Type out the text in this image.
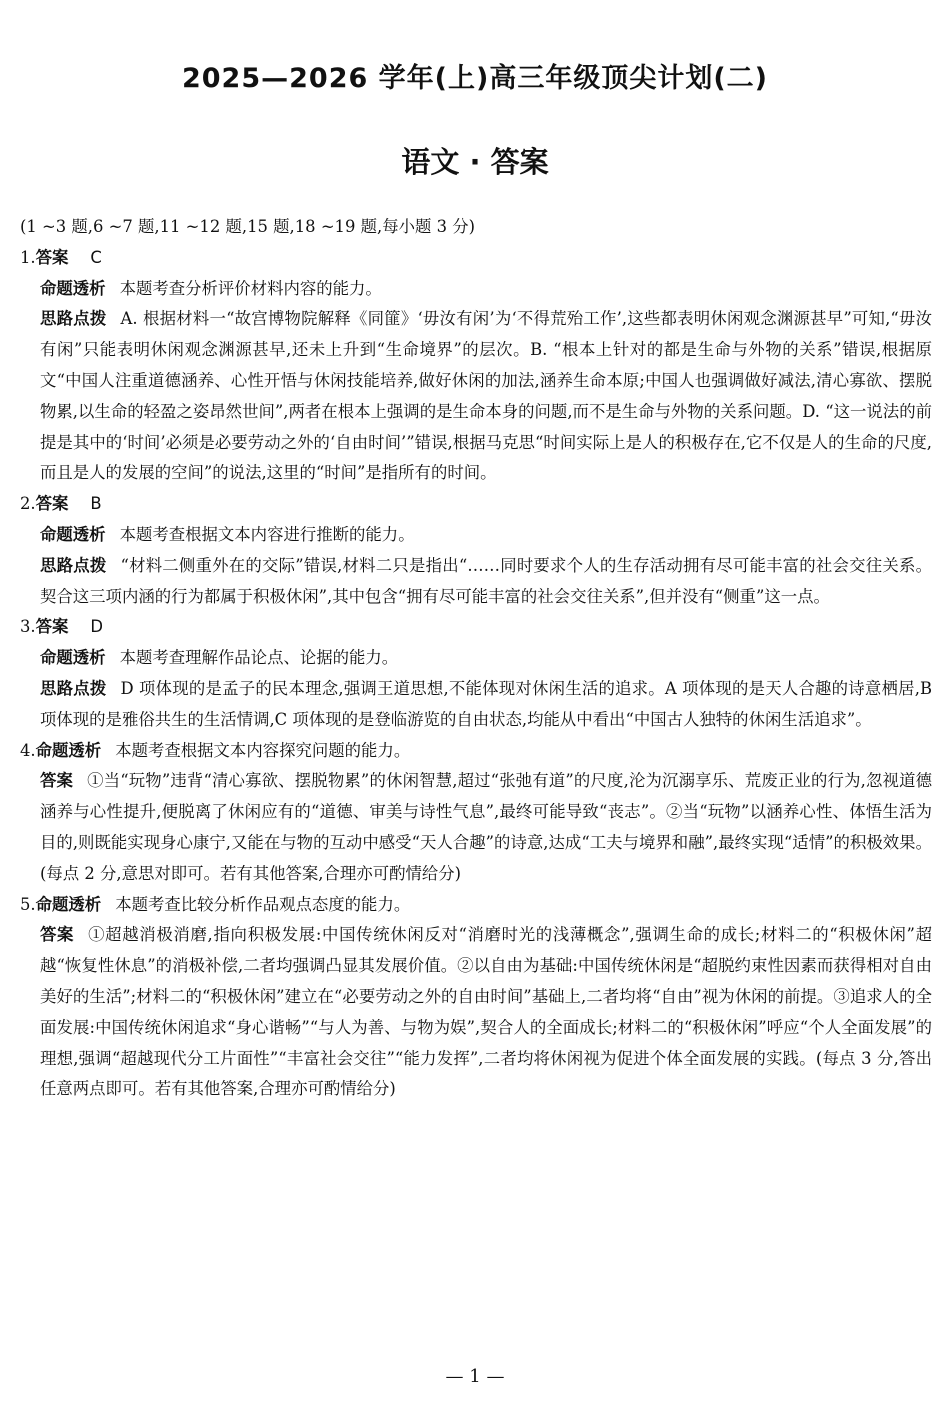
2025—2026 学年(上)高三年级顶尖计划(二)
语文 · 答案

(1 ~3 题,6 ~7 题,11 ~12 题,15 题,18 ~19 题,每小题 3 分)

1.答案 C

命题透析 本题考查分析评价材料内容的能力。

思路点拨 A. 根据材料一“故宫博物院解释《同篚》‘毋汝有闲’为‘不得荒殆工作’,这些都表明休闲观念渊源甚早”可知,“毋汝有闲”只能表明休闲观念渊源甚早,还未上升到“生命境界”的层次。B. “根本上针对的都是生命与外物的关系”错误,根据原文“中国人注重道德涵养、心性开悟与休闲技能培养,做好休闲的加法,涵养生命本原;中国人也强调做好减法,清心寡欲、摆脱物累,以生命的轻盈之姿昂然世间”,两者在根本上强调的是生命本身的问题,而不是生命与外物的关系问题。D. “这一说法的前提是其中的‘时间’必须是必要劳动之外的‘自由时间’”错误,根据马克思“时间实际上是人的积极存在,它不仅是人的生命的尺度,而且是人的发展的空间”的说法,这里的“时间”是指所有的时间。

2.答案 B

命题透析 本题考查根据文本内容进行推断的能力。

思路点拨 “材料二侧重外在的交际”错误,材料二只是指出“……同时要求个人的生存活动拥有尽可能丰富的社会交往关系。契合这三项内涵的行为都属于积极休闲”,其中包含“拥有尽可能丰富的社会交往关系”,但并没有“侧重”这一点。

3.答案 D

命题透析 本题考查理解作品论点、论据的能力。

思路点拨 D 项体现的是孟子的民本理念,强调王道思想,不能体现对休闲生活的追求。A 项体现的是天人合趣的诗意栖居,B 项体现的是雅俗共生的生活情调,C 项体现的是登临游览的自由状态,均能从中看出“中国古人独特的休闲生活追求”。

4.命题透析 本题考查根据文本内容探究问题的能力。

答案 ①当“玩物”违背“清心寡欲、摆脱物累”的休闲智慧,超过“张弛有道”的尺度,沦为沉溺享乐、荒废正业的行为,忽视道德涵养与心性提升,便脱离了休闲应有的“道德、审美与诗性气息”,最终可能导致“丧志”。②当“玩物”以涵养心性、体悟生活为目的,则既能实现身心康宁,又能在与物的互动中感受“天人合趣”的诗意,达成“工夫与境界和融”,最终实现“适情”的积极效果。(每点 2 分,意思对即可。若有其他答案,合理亦可酌情给分)

5.命题透析 本题考查比较分析作品观点态度的能力。

答案 ①超越消极消磨,指向积极发展:中国传统休闲反对“消磨时光的浅薄概念”,强调生命的成长;材料二的“积极休闲”超越“恢复性休息”的消极补偿,二者均强调凸显其发展价值。②以自由为基础:中国传统休闲是“超脱约束性因素而获得相对自由美好的生活”;材料二的“积极休闲”建立在“必要劳动之外的自由时间”基础上,二者均将“自由”视为休闲的前提。③追求人的全面发展:中国传统休闲追求“身心谐畅”“与人为善、与物为娱”,契合人的全面成长;材料二的“积极休闲”呼应“个人全面发展”的理想,强调“超越现代分工片面性”“丰富社会交往”“能力发挥”,二者均将休闲视为促进个体全面发展的实践。(每点 3 分,答出任意两点即可。若有其他答案,合理亦可酌情给分)

— 1 —
